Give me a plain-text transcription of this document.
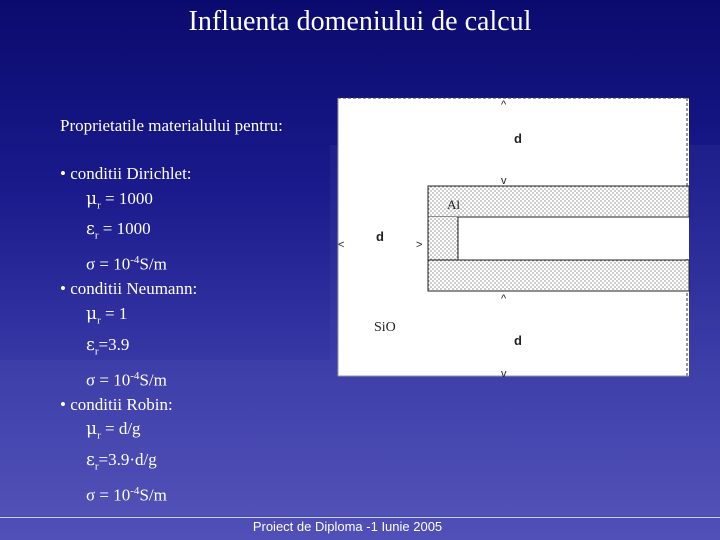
Influenta domeniului de calcul
Proprietatile materialului pentru:
• conditii Dirichlet:
$\mu_r = 1000$
$\varepsilon_r = 1000$
$\sigma = 10^{-4}S/m$
• conditii Neumann:
$\mu_r = 1$
$\varepsilon_r=3.9$
$\sigma = 10^{-4}S/m$
• conditii Robin:
$\mu_r = d/g$
$\varepsilon_r=3.9\cdot d/g$
$\sigma = 10^{-4}S/m$
^
d
v
Al
<
d
>
^
SiO
d
v
Proiect de Diploma -1 Iunie 2005
